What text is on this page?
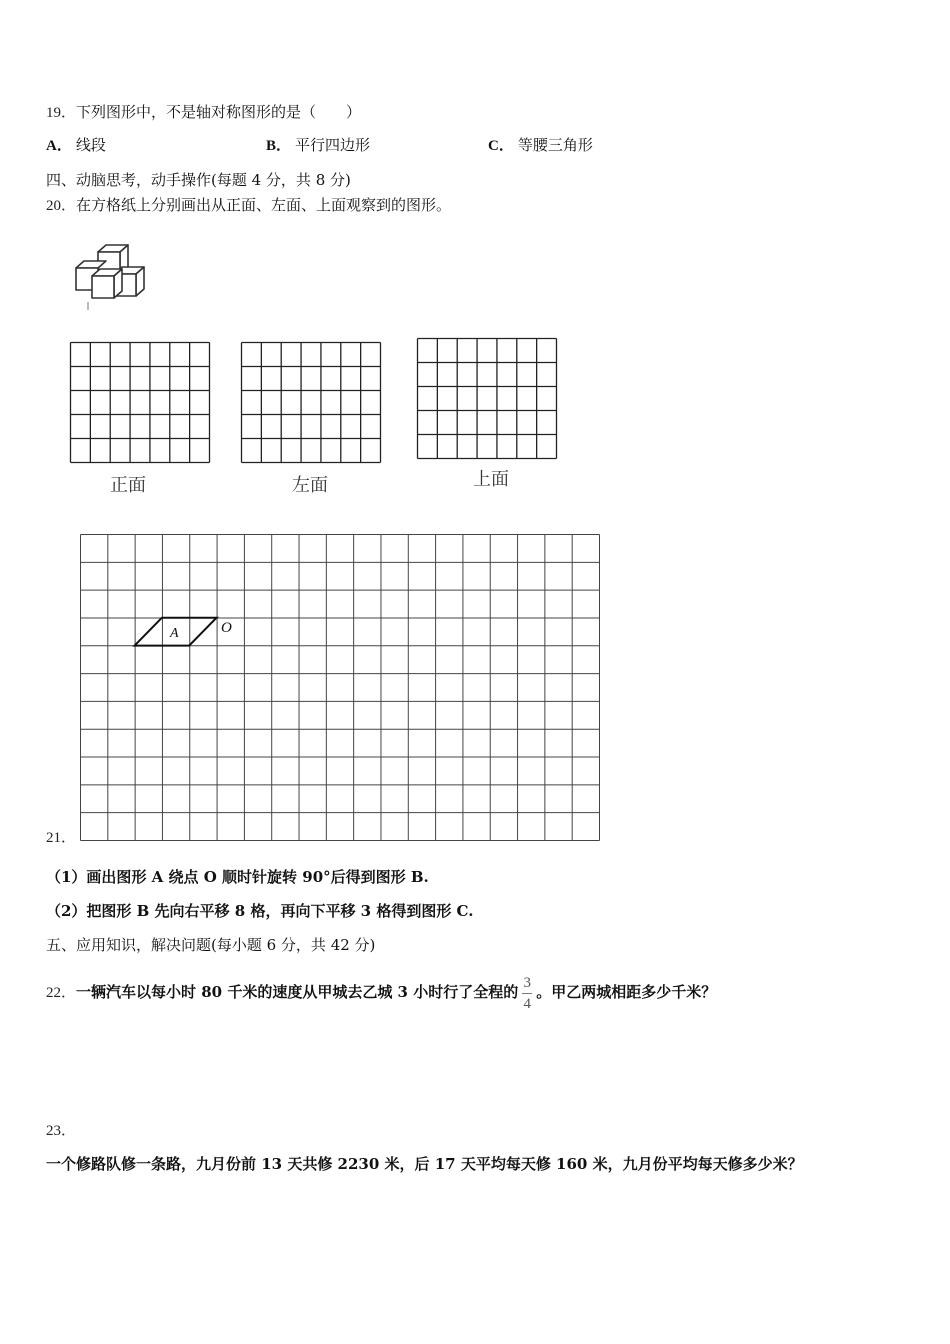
19．下列图形中，不是轴对称图形的是（　　）
A． 线段	B． 平行四边形	C． 等腰三角形
四、动脑思考，动手操作(每题 4 分，共 8 分)
20．在方格纸上分别画出从正面、左面、上面观察到的图形。
正面	左面	上面
A	O
21．
（1）画出图形 A 绕点 O 顺时针旋转 90°后得到图形 B.
（2）把图形 B 先向右平移 8 格，再向下平移 3 格得到图形 C.
五、应用知识，解决问题(每小题 6 分，共 42 分)
22．一辆汽车以每小时 80 千米的速度从甲城去乙城 3 小时行了全程的 $\frac{3}{4}$ 。甲乙两城相距多少千米？
23．
一个修路队修一条路，九月份前 13 天共修 2230 米，后 17 天平均每天修 160 米，九月份平均每天修多少米？
